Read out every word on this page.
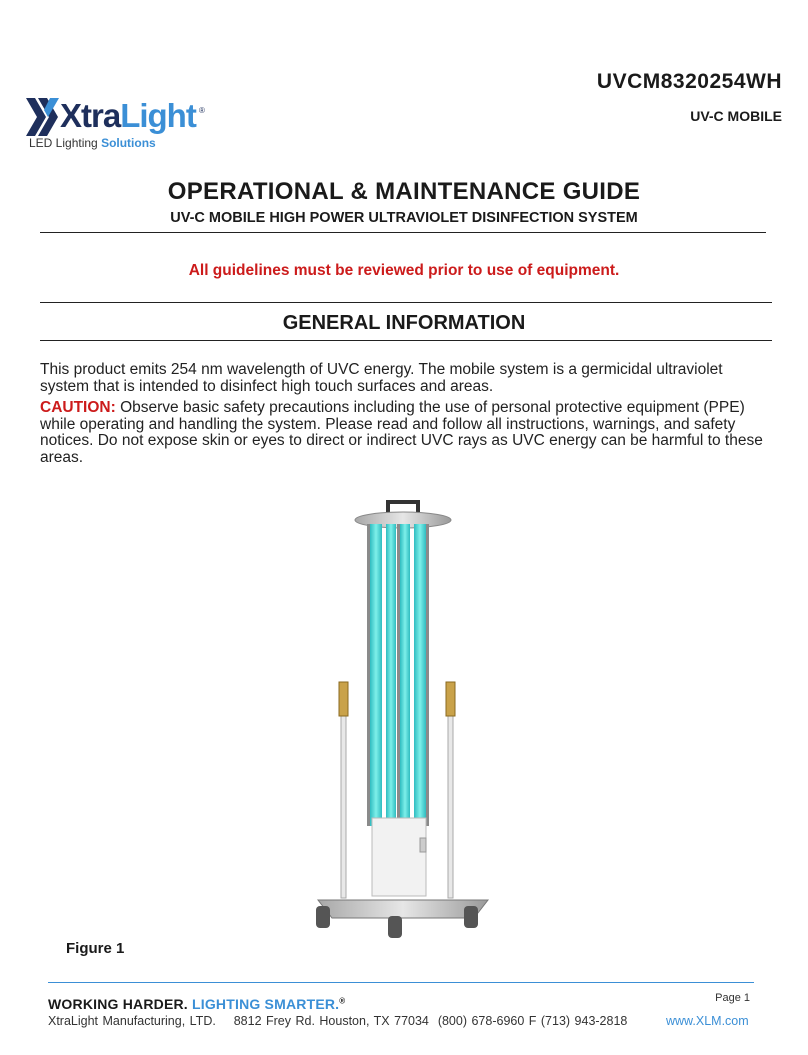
UVCM8320254WH
UV-C MOBILE
XtraLight ®
LED Lighting Solutions
OPERATIONAL & MAINTENANCE GUIDE
UV-C MOBILE HIGH POWER ULTRAVIOLET DISINFECTION SYSTEM
All guidelines must be reviewed prior to use of equipment.
GENERAL INFORMATION
This product emits 254 nm wavelength of UVC energy. The mobile system is a germicidal ultraviolet system that is intended to disinfect high touch surfaces and areas.
CAUTION: Observe basic safety precautions including the use of personal protective equipment (PPE) while operating and handling the system. Please read and follow all instructions, warnings, and safety notices. Do not expose skin or eyes to direct or indirect UVC rays as UVC energy can be harmful to these areas.
Figure 1
Page 1
WORKING HARDER. LIGHTING SMARTER.®
XtraLight Manufacturing, LTD.    8812 Frey Rd. Houston, TX 77034  (800) 678-6960 F (713) 943-2818	www.XLM.com
